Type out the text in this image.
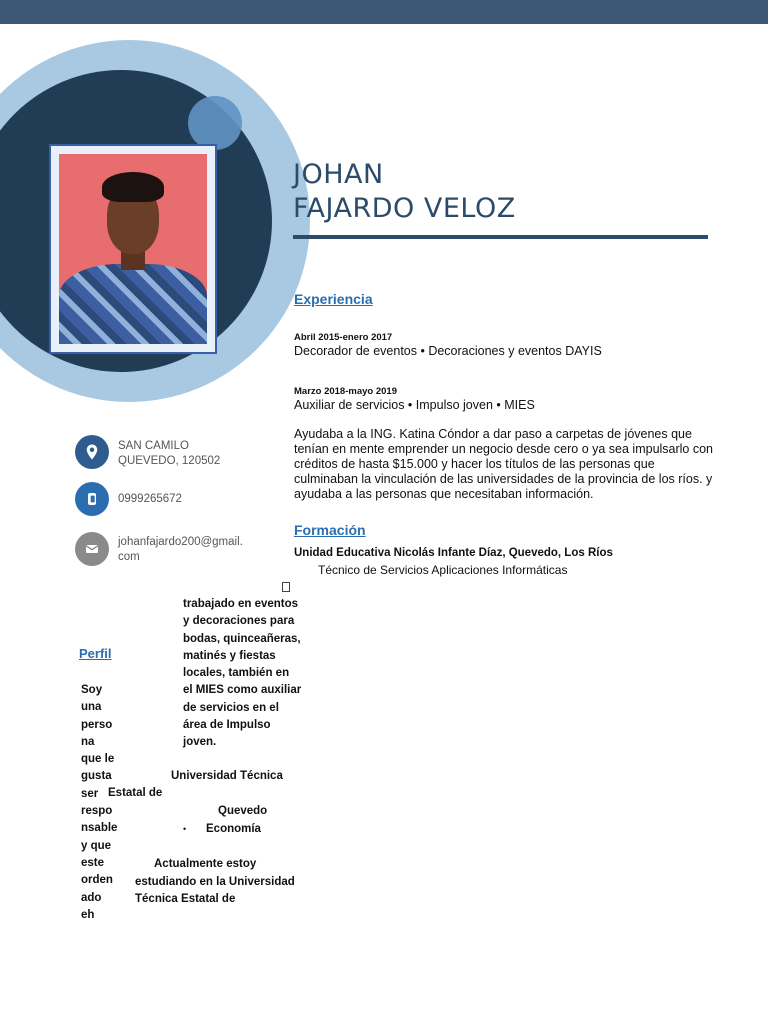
JOHAN
FAJARDO VELOZ
Experiencia
Abril 2015-enero 2017
Decorador de eventos • Decoraciones y eventos DAYIS
Marzo 2018-mayo 2019
Auxiliar de servicios • Impulso joven • MIES
Ayudaba a la ING. Katina Cóndor a dar paso a carpetas de jóvenes que tenían en mente emprender un negocio desde cero o ya sea impulsarlo con créditos de hasta $15.000 y hacer los títulos de las personas que culminaban la vinculación de las universidades de la provincia de los ríos. y ayudaba a las personas que necesitaban información.
Formación
Unidad Educativa Nicolás Infante Díaz, Quevedo, Los Ríos
Técnico de Servicios Aplicaciones Informáticas
SAN CAMILO
QUEVEDO, 120502
0999265672
johanfajardo200@gmail.
com
Perfil
Soy
una
perso
na
que le
gusta
ser
respo
nsable
y que
este
orden
ado
eh
trabajado en eventos
y decoraciones para
bodas, quinceañeras,
matinés y fiestas
locales, también en
el MIES como auxiliar
de servicios en el
área de Impulso
joven.
Universidad Técnica
Estatal de
Quevedo
• Economía
Actualmente estoy
estudiando en la Universidad
Técnica Estatal de
